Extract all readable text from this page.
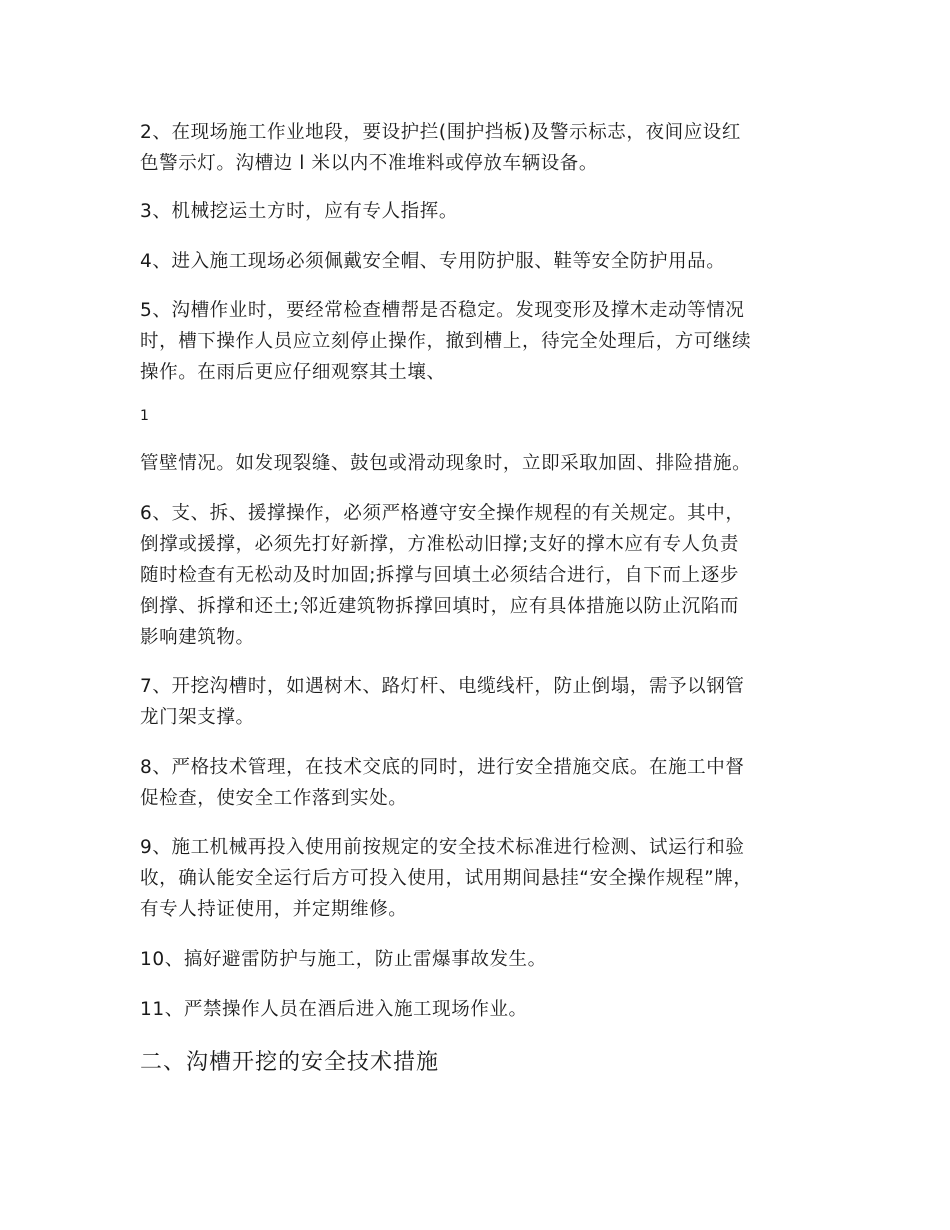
2、在现场施工作业地段，要设护拦(围护挡板)及警示标志，夜间应设红
色警示灯。沟槽边 l 米以内不准堆料或停放车辆设备。

3、机械挖运土方时，应有专人指挥。

4、进入施工现场必须佩戴安全帽、专用防护服、鞋等安全防护用品。

5、沟槽作业时，要经常检查槽帮是否稳定。发现变形及撑木走动等情况
时，槽下操作人员应立刻停止操作，撤到槽上，待完全处理后，方可继续
操作。在雨后更应仔细观察其土壤、

1

管壁情况。如发现裂缝、鼓包或滑动现象时，立即采取加固、排险措施。

6、支、拆、援撑操作，必须严格遵守安全操作规程的有关规定。其中，
倒撑或援撑，必须先打好新撑，方准松动旧撑;支好的撑木应有专人负责
随时检查有无松动及时加固;拆撑与回填土必须结合进行，自下而上逐步
倒撑、拆撑和还土;邻近建筑物拆撑回填时，应有具体措施以防止沉陷而
影响建筑物。

7、开挖沟槽时，如遇树木、路灯杆、电缆线杆，防止倒塌，需予以钢管
龙门架支撑。

8、严格技术管理，在技术交底的同时，进行安全措施交底。在施工中督
促检查，使安全工作落到实处。

9、施工机械再投入使用前按规定的安全技术标准进行检测、试运行和验
收，确认能安全运行后方可投入使用，试用期间悬挂“安全操作规程”牌，
有专人持证使用，并定期维修。

10、搞好避雷防护与施工，防止雷爆事故发生。

11、严禁操作人员在酒后进入施工现场作业。

二、沟槽开挖的安全技术措施
